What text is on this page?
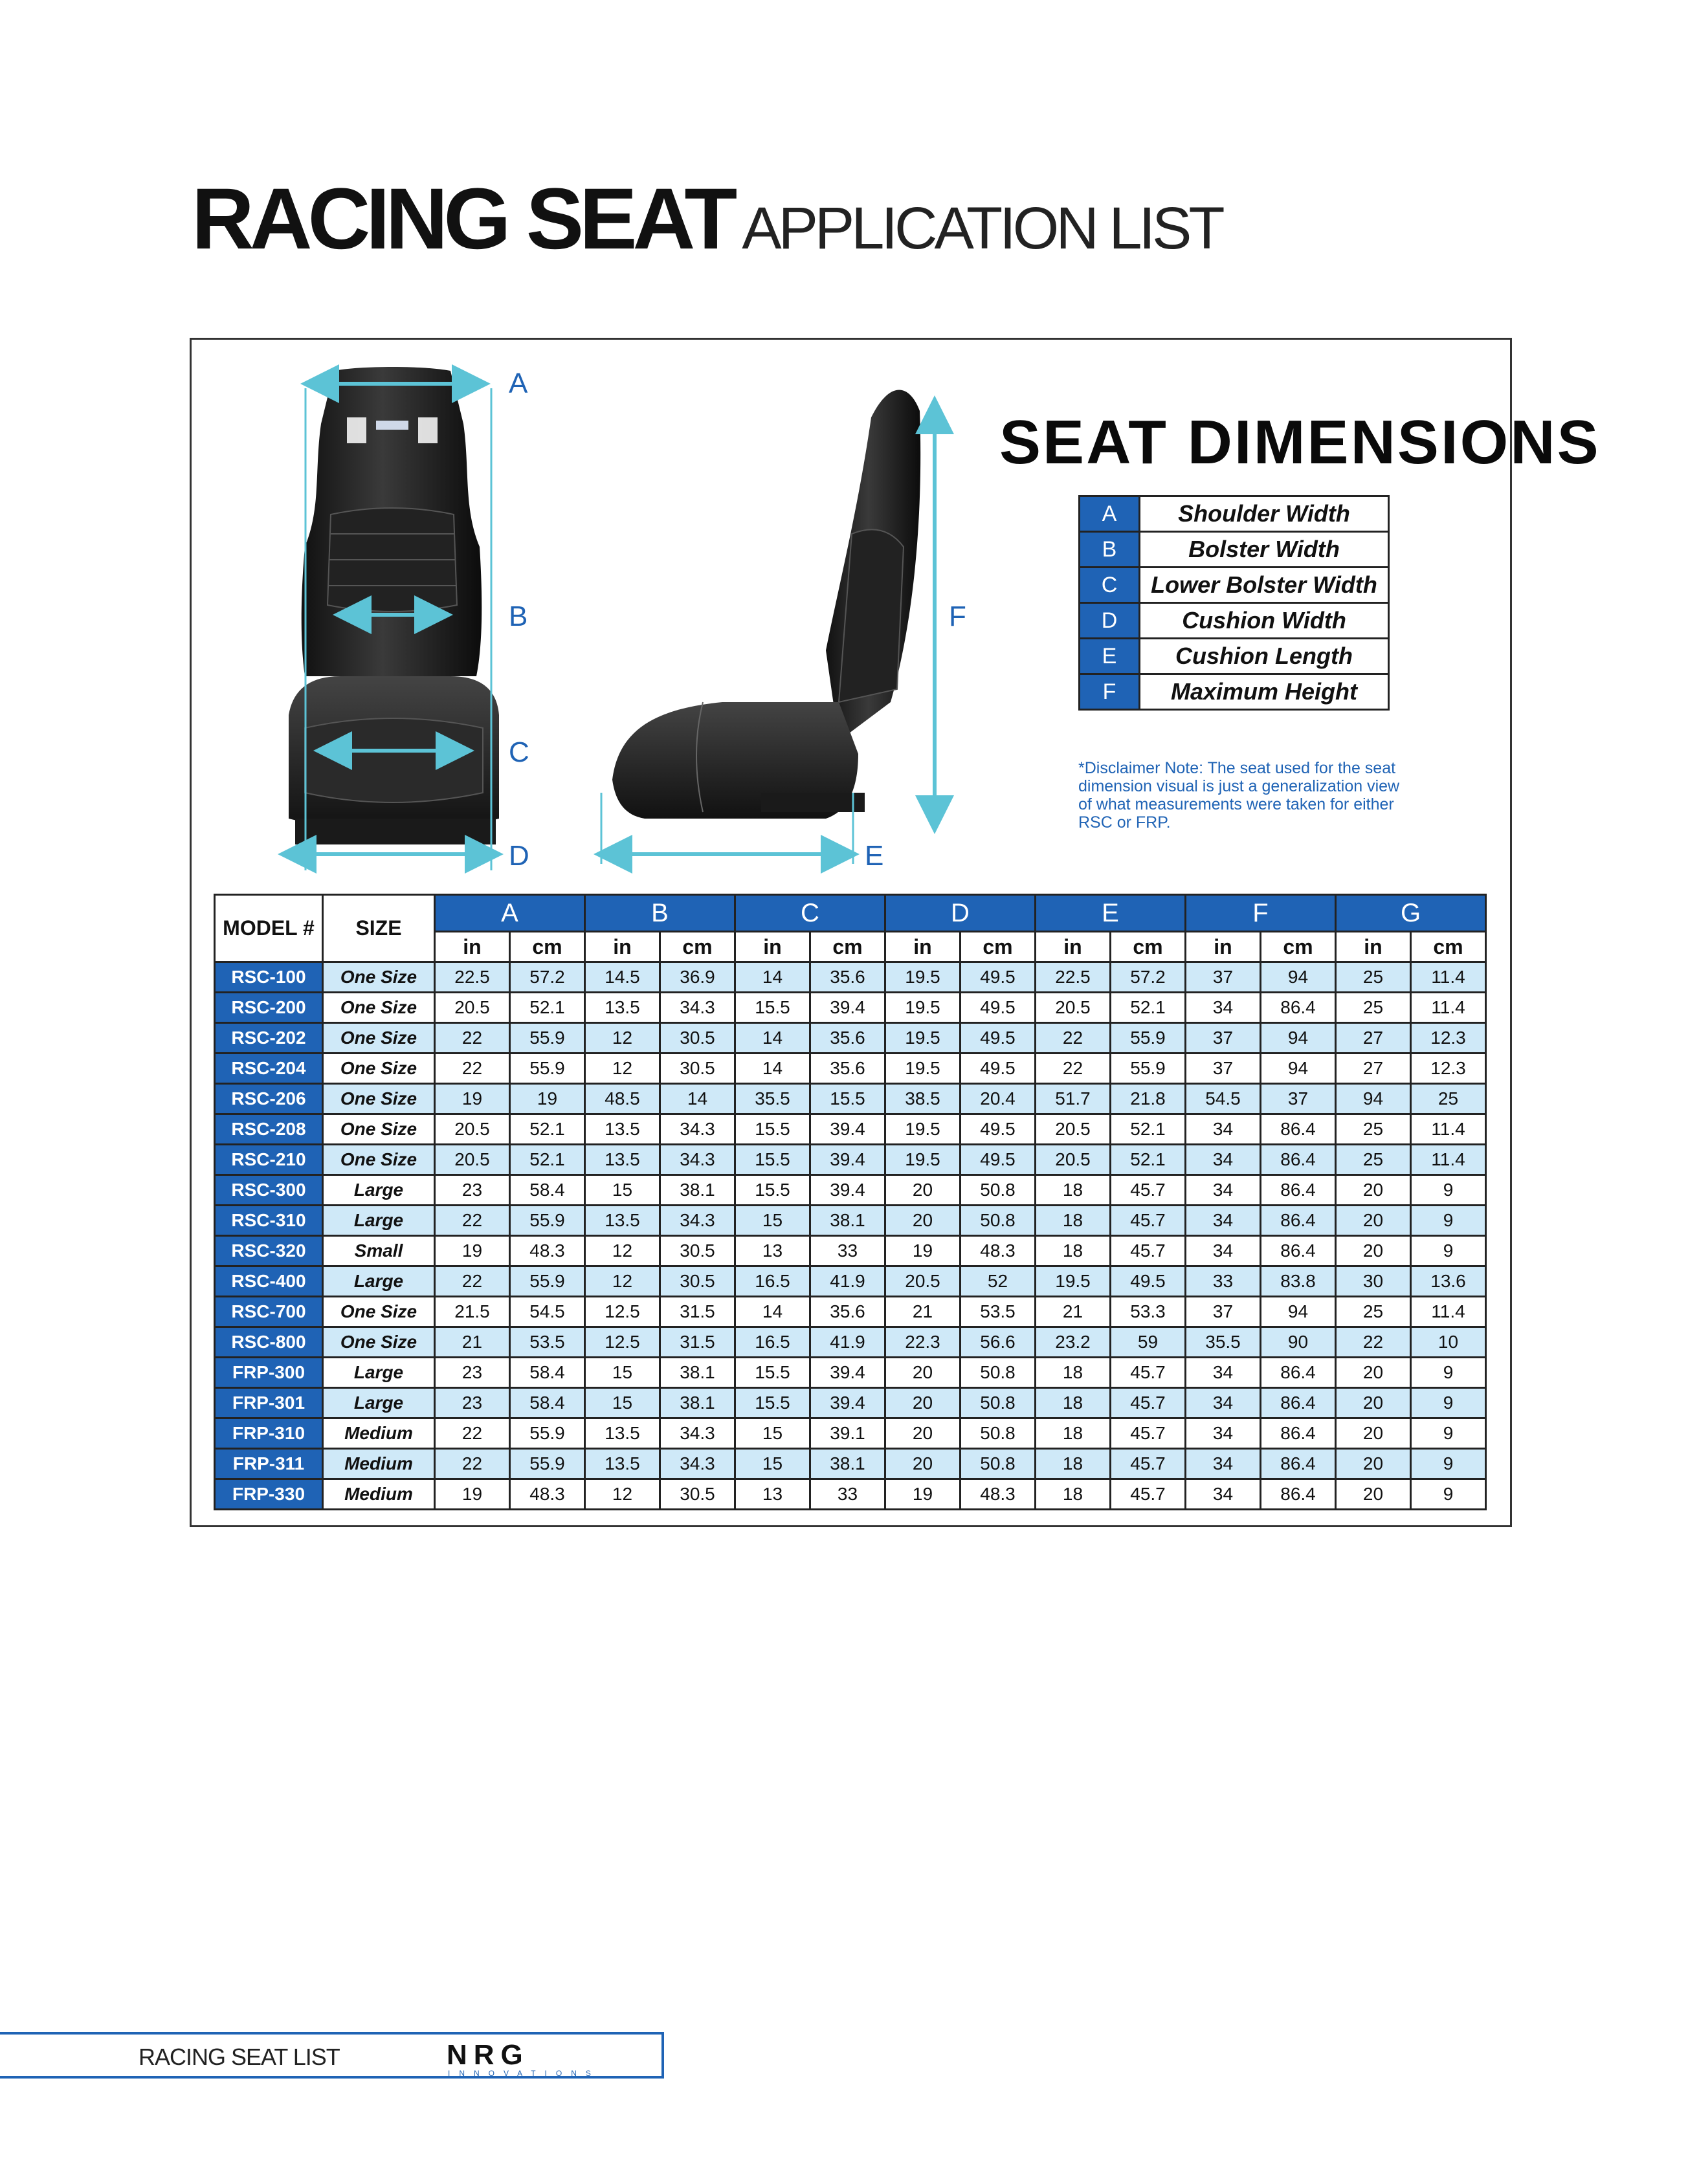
RACING SEAT APPLICATION LIST
A
B
C
D	E
F
SEAT DIMENSIONS
A	Shoulder Width
B	Bolster Width
C	Lower Bolster Width
D	Cushion Width
E	Cushion Length
F	Maximum Height
*Disclaimer Note: The seat used for the seat dimension visual is just a generalization view of what measurements were taken for either RSC or FRP.
MODEL #	SIZE	A		B		C		D		E		F		G	
		in	cm	in	cm	in	cm	in	cm	in	cm	in	cm	in	cm
RSC-100	One Size	22.5	57.2	14.5	36.9	14	35.6	19.5	49.5	22.5	57.2	37	94	25	11.4
RSC-200	One Size	20.5	52.1	13.5	34.3	15.5	39.4	19.5	49.5	20.5	52.1	34	86.4	25	11.4
RSC-202	One Size	22	55.9	12	30.5	14	35.6	19.5	49.5	22	55.9	37	94	27	12.3
RSC-204	One Size	22	55.9	12	30.5	14	35.6	19.5	49.5	22	55.9	37	94	27	12.3
RSC-206	One Size	19	19	48.5	14	35.5	15.5	38.5	20.4	51.7	21.8	54.5	37	94	25
RSC-208	One Size	20.5	52.1	13.5	34.3	15.5	39.4	19.5	49.5	20.5	52.1	34	86.4	25	11.4
RSC-210	One Size	20.5	52.1	13.5	34.3	15.5	39.4	19.5	49.5	20.5	52.1	34	86.4	25	11.4
RSC-300	Large	23	58.4	15	38.1	15.5	39.4	20	50.8	18	45.7	34	86.4	20	9
RSC-310	Large	22	55.9	13.5	34.3	15	38.1	20	50.8	18	45.7	34	86.4	20	9
RSC-320	Small	19	48.3	12	30.5	13	33	19	48.3	18	45.7	34	86.4	20	9
RSC-400	Large	22	55.9	12	30.5	16.5	41.9	20.5	52	19.5	49.5	33	83.8	30	13.6
RSC-700	One Size	21.5	54.5	12.5	31.5	14	35.6	21	53.5	21	53.3	37	94	25	11.4
RSC-800	One Size	21	53.5	12.5	31.5	16.5	41.9	22.3	56.6	23.2	59	35.5	90	22	10
FRP-300	Large	23	58.4	15	38.1	15.5	39.4	20	50.8	18	45.7	34	86.4	20	9
FRP-301	Large	23	58.4	15	38.1	15.5	39.4	20	50.8	18	45.7	34	86.4	20	9
FRP-310	Medium	22	55.9	13.5	34.3	15	39.1	20	50.8	18	45.7	34	86.4	20	9
FRP-311	Medium	22	55.9	13.5	34.3	15	38.1	20	50.8	18	45.7	34	86.4	20	9
FRP-330	Medium	19	48.3	12	30.5	13	33	19	48.3	18	45.7	34	86.4	20	9
RACING SEAT LIST	NRG
INNOVATIONS
